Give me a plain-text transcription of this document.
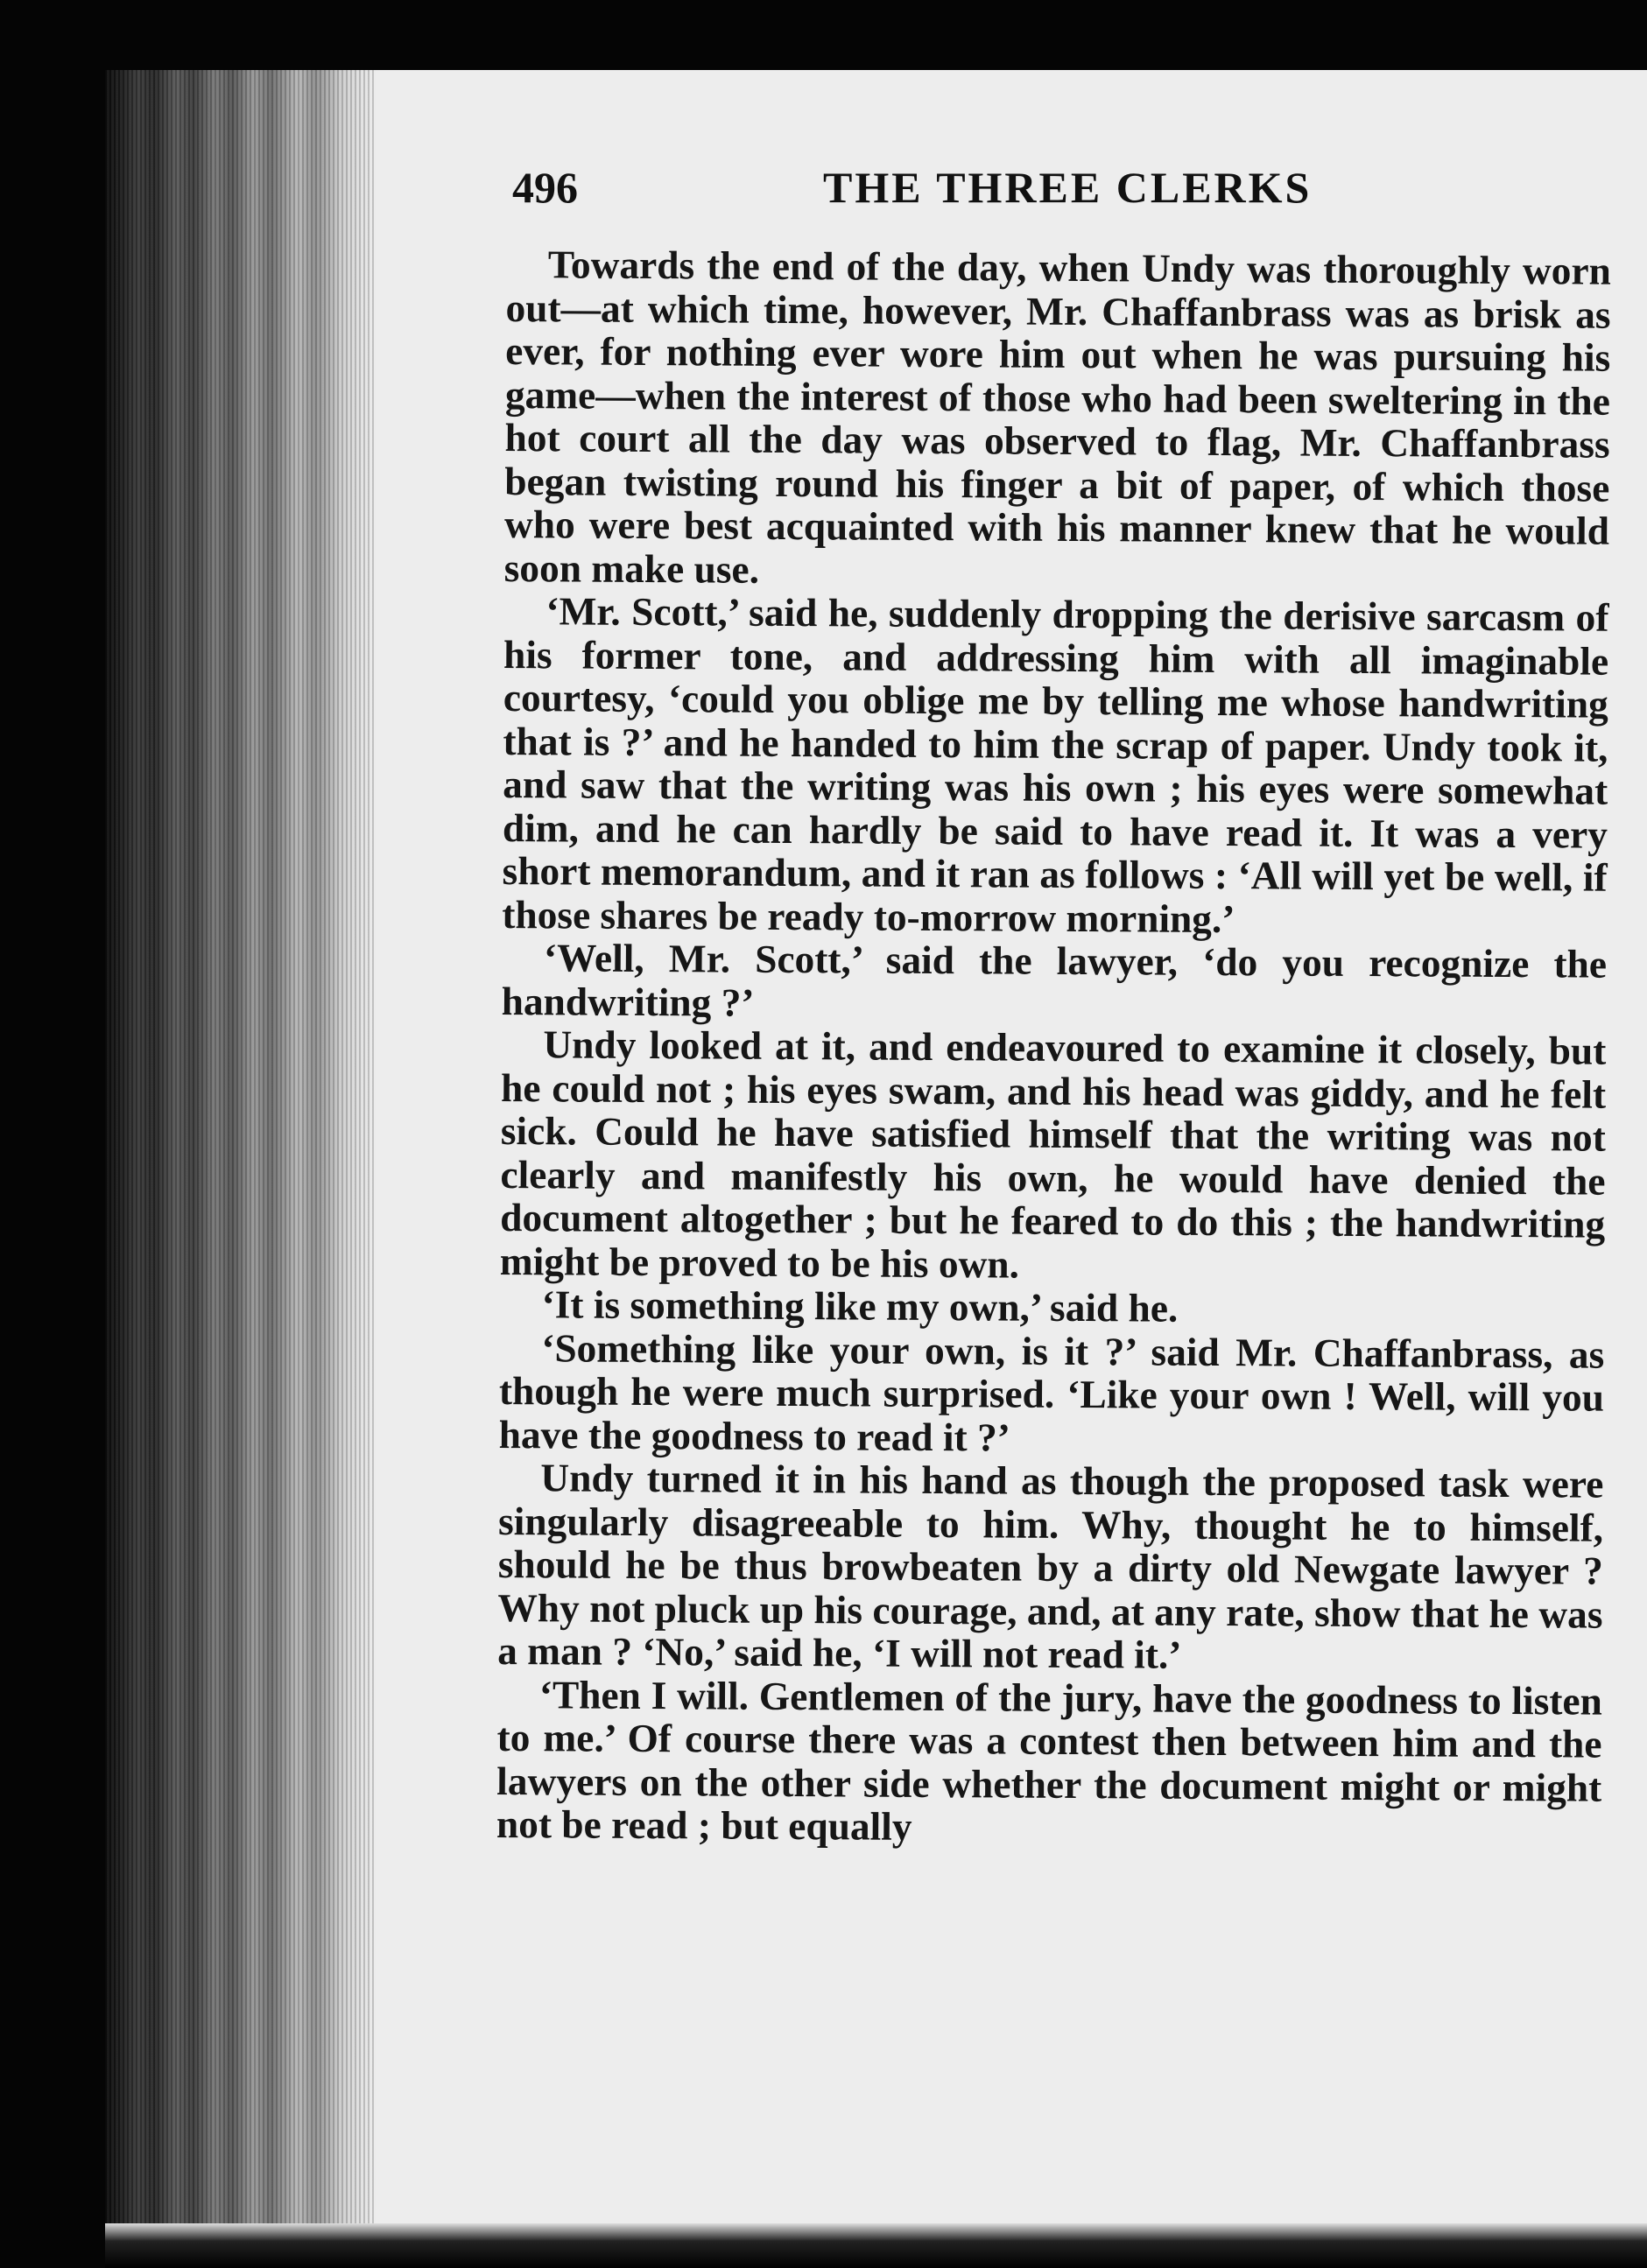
496	THE THREE CLERKS

Towards the end of the day, when Undy was thoroughly worn out—at which time, however, Mr. Chaffanbrass was as brisk as ever, for nothing ever wore him out when he was pursuing his game—when the interest of those who had been sweltering in the hot court all the day was observed to flag, Mr. Chaffanbrass began twisting round his finger a bit of paper, of which those who were best acquainted with his manner knew that he would soon make use.

‘Mr. Scott,’ said he, suddenly dropping the derisive sarcasm of his former tone, and addressing him with all imaginable courtesy, ‘could you oblige me by telling me whose handwriting that is ?’ and he handed to him the scrap of paper. Undy took it, and saw that the writing was his own ; his eyes were somewhat dim, and he can hardly be said to have read it. It was a very short memorandum, and it ran as follows : ‘All will yet be well, if those shares be ready to-morrow morning.’

‘Well, Mr. Scott,’ said the lawyer, ‘do you recognize the handwriting ?’

Undy looked at it, and endeavoured to examine it closely, but he could not ; his eyes swam, and his head was giddy, and he felt sick. Could he have satisfied himself that the writing was not clearly and manifestly his own, he would have denied the document altogether ; but he feared to do this ; the handwriting might be proved to be his own.

‘It is something like my own,’ said he.

‘Something like your own, is it ?’ said Mr. Chaffanbrass, as though he were much surprised. ‘Like your own ! Well, will you have the goodness to read it ?’

Undy turned it in his hand as though the proposed task were singularly disagreeable to him. Why, thought he to himself, should he be thus browbeaten by a dirty old Newgate lawyer ? Why not pluck up his courage, and, at any rate, show that he was a man ? ‘No,’ said he, ‘I will not read it.’

‘Then I will. Gentlemen of the jury, have the goodness to listen to me.’ Of course there was a contest then between him and the lawyers on the other side whether the document might or might not be read ; but equally
